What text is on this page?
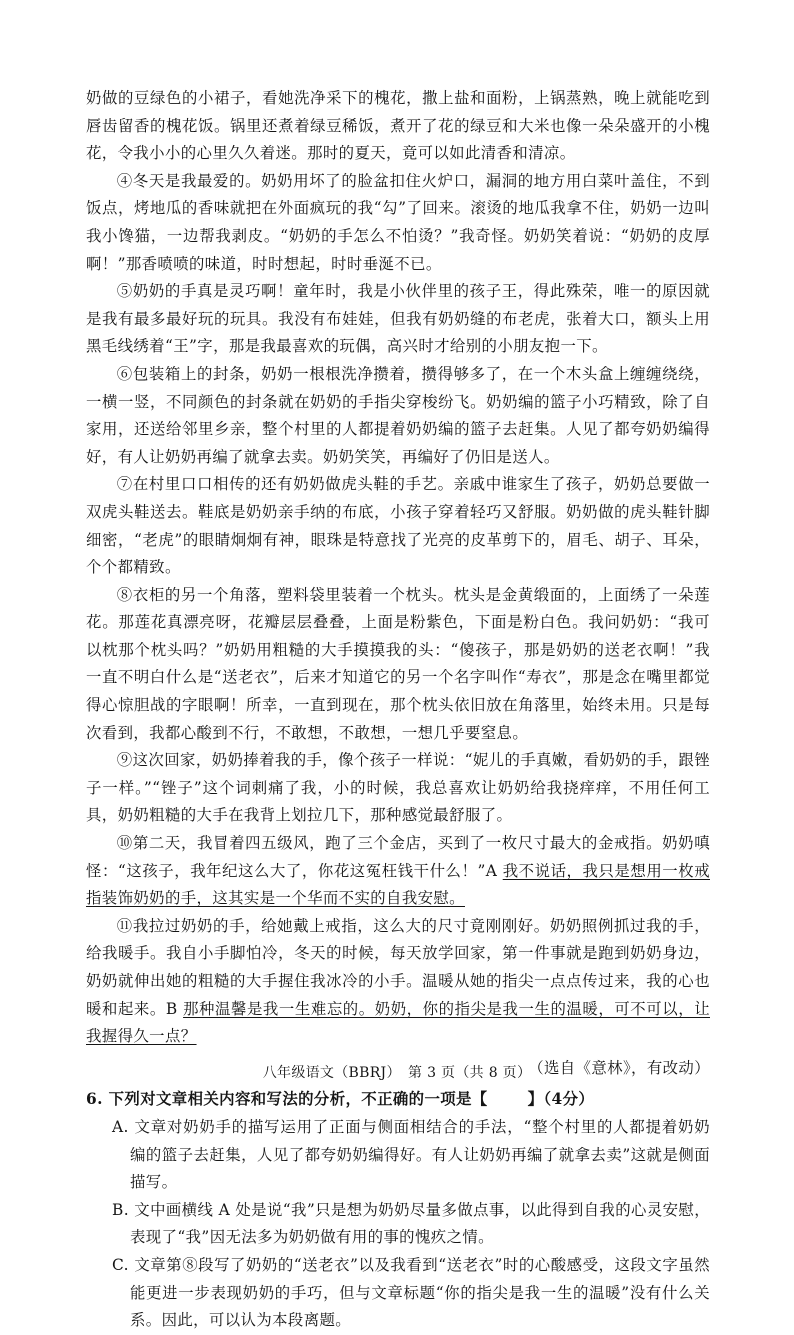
奶做的豆绿色的小裙子，看她洗净采下的槐花，撒上盐和面粉，上锅蒸熟，晚上就能吃到唇齿留香的槐花饭。锅里还煮着绿豆稀饭，煮开了花的绿豆和大米也像一朵朵盛开的小槐花，令我小小的心里久久着迷。那时的夏天，竟可以如此清香和清凉。

④冬天是我最爱的。奶奶用坏了的脸盆扣住火炉口，漏洞的地方用白菜叶盖住，不到饭点，烤地瓜的香味就把在外面疯玩的我“勾”了回来。滚烫的地瓜我拿不住，奶奶一边叫我小馋猫，一边帮我剥皮。“奶奶的手怎么不怕烫？”我奇怪。奶奶笑着说：“奶奶的皮厚啊！”那香喷喷的味道，时时想起，时时垂涎不已。

⑤奶奶的手真是灵巧啊！童年时，我是小伙伴里的孩子王，得此殊荣，唯一的原因就是我有最多最好玩的玩具。我没有布娃娃，但我有奶奶缝的布老虎，张着大口，额头上用黑毛线绣着“王”字，那是我最喜欢的玩偶，高兴时才给别的小朋友抱一下。

⑥包装箱上的封条，奶奶一根根洗净攒着，攒得够多了，在一个木头盒上缠缠绕绕，一横一竖，不同颜色的封条就在奶奶的手指尖穿梭纷飞。奶奶编的篮子小巧精致，除了自家用，还送给邻里乡亲，整个村里的人都提着奶奶编的篮子去赶集。人见了都夸奶奶编得好，有人让奶奶再编了就拿去卖。奶奶笑笑，再编好了仍旧是送人。

⑦在村里口口相传的还有奶奶做虎头鞋的手艺。亲戚中谁家生了孩子，奶奶总要做一双虎头鞋送去。鞋底是奶奶亲手纳的布底，小孩子穿着轻巧又舒服。奶奶做的虎头鞋针脚细密，“老虎”的眼睛炯炯有神，眼珠是特意找了光亮的皮革剪下的，眉毛、胡子、耳朵，个个都精致。

⑧衣柜的另一个角落，塑料袋里装着一个枕头。枕头是金黄缎面的，上面绣了一朵莲花。那莲花真漂亮呀，花瓣层层叠叠，上面是粉紫色，下面是粉白色。我问奶奶：“我可以枕那个枕头吗？”奶奶用粗糙的大手摸摸我的头：“傻孩子，那是奶奶的送老衣啊！”我一直不明白什么是“送老衣”，后来才知道它的另一个名字叫作“寿衣”，那是念在嘴里都觉得心惊胆战的字眼啊！所幸，一直到现在，那个枕头依旧放在角落里，始终未用。只是每次看到，我都心酸到不行，不敢想，不敢想，一想几乎要窒息。

⑨这次回家，奶奶捧着我的手，像个孩子一样说：“妮儿的手真嫩，看奶奶的手，跟锉子一样。”“锉子”这个词刺痛了我，小的时候，我总喜欢让奶奶给我挠痒痒，不用任何工具，奶奶粗糙的大手在我背上划拉几下，那种感觉最舒服了。

⑩第二天，我冒着四五级风，跑了三个金店，买到了一枚尺寸最大的金戒指。奶奶嗔怪：“这孩子，我年纪这么大了，你花这冤枉钱干什么！”A 我不说话，我只是想用一枚戒指装饰奶奶的手，这其实是一个华而不实的自我安慰。

⑪我拉过奶奶的手，给她戴上戒指，这么大的尺寸竟刚刚好。奶奶照例抓过我的手，给我暖手。我自小手脚怕冷，冬天的时候，每天放学回家，第一件事就是跑到奶奶身边，奶奶就伸出她的粗糙的大手握住我冰冷的小手。温暖从她的指尖一点点传过来，我的心也暖和起来。B 那种温馨是我一生难忘的。奶奶，你的指尖是我一生的温暖，可不可以，让我握得久一点？

（选自《意林》，有改动）

6. 下列对文章相关内容和写法的分析，不正确的一项是【	】（4分）

A. 文章对奶奶手的描写运用了正面与侧面相结合的手法，“整个村里的人都提着奶奶编的篮子去赶集，人见了都夸奶奶编得好。有人让奶奶再编了就拿去卖”这就是侧面描写。

B. 文中画横线 A 处是说“我”只是想为奶奶尽量多做点事，以此得到自我的心灵安慰，表现了“我”因无法多为奶奶做有用的事的愧疚之情。

C. 文章第⑧段写了奶奶的“送老衣”以及我看到“送老衣”时的心酸感受，这段文字虽然能更进一步表现奶奶的手巧，但与文章标题“你的指尖是我一生的温暖”没有什么关系。因此，可以认为本段离题。

八年级语文（BBRJ）　第 3 页（共 8 页）
